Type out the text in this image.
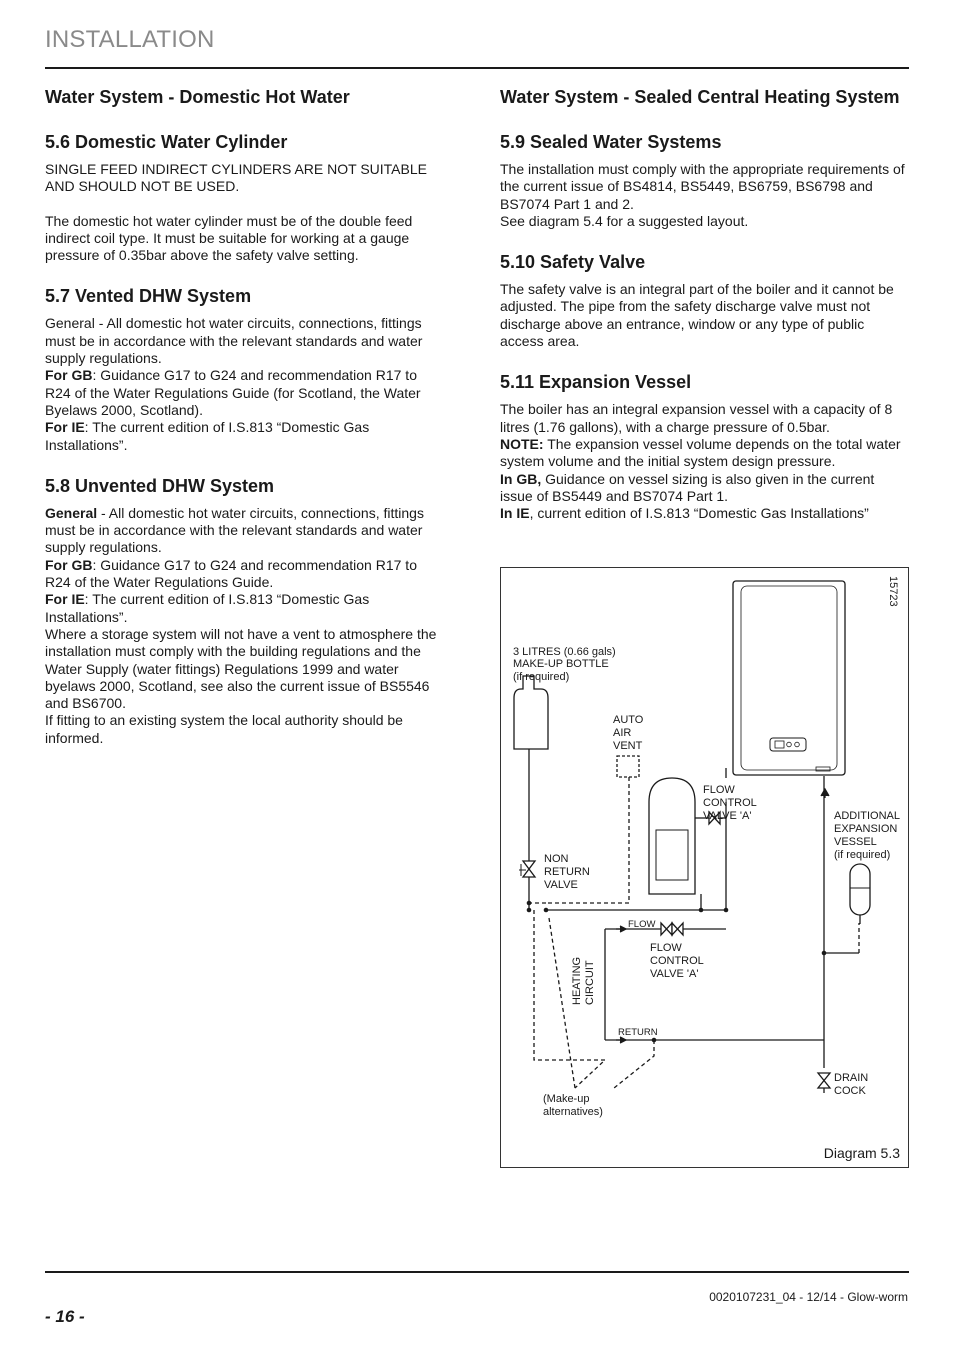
INSTALLATION
Water System - Domestic Hot Water
5.6 Domestic Water Cylinder

SINGLE FEED INDIRECT CYLINDERS ARE NOT SUITABLE AND SHOULD NOT BE USED.

The domestic hot water cylinder must be of the double feed indirect coil type. It must be suitable for working at a gauge pressure of 0.35bar above the safety valve setting.

5.7 Vented DHW System

General - All domestic hot water circuits, connections, fittings must be in accordance with the relevant standards and water supply regulations.

For GB: Guidance G17 to G24 and recommendation R17 to R24 of the Water Regulations Guide (for Scotland, the Water Byelaws 2000, Scotland).

For IE: The current edition of I.S.813 “Domestic Gas Installations”.

5.8 Unvented DHW System

General - All domestic hot water circuits, connections, fittings must be in accordance with the relevant standards and water supply regulations.

For GB: Guidance G17 to G24 and recommendation R17 to R24 of the Water Regulations Guide.

For IE: The current edition of I.S.813 “Domestic Gas Installations”.

Where a storage system will not have a vent to atmosphere the installation must comply with the building regulations and the Water Supply (water fittings) Regulations 1999 and water byelaws 2000, Scotland, see also the current issue of BS5546 and BS6700.

If fitting to an existing system the local authority should be informed.

Water System - Sealed Central Heating System
5.9 Sealed Water Systems

The installation must comply with the appropriate requirements of the current issue of BS4814, BS5449, BS6759, BS6798 and BS7074 Part 1 and 2.

See diagram 5.4 for a suggested layout.

5.10 Safety Valve

The safety valve is an integral part of the boiler and it cannot be adjusted. The pipe from the safety discharge valve must not discharge above an entrance, window or any type of public access area.

5.11 Expansion Vessel

The boiler has an integral expansion vessel with a capacity of 8 litres (1.76 gallons), with a charge pressure of 0.5bar.

NOTE: The expansion vessel volume depends on the total water system volume and the initial system design pressure.

In GB, Guidance on vessel sizing is also given in the current issue of BS5449 and BS7074 Part 1.

In IE, current edition of I.S.813 “Domestic Gas Installations”

15723
3 LITRES (0.66 gals)
MAKE-UP BOTTLE
(if required)
AUTO
AIR
VENT
FLOW
CONTROL
VALVE 'A'	ADDITIONAL
EXPANSION
VESSEL
(if required)
NON
RETURN
VALVE
FLOW
FLOW
CONTROL
VALVE 'A'
HEATING CIRCUIT
RETURN
DRAIN
COCK
(Make-up
alternatives)
Diagram 5.3
0020107231_04 - 12/14 - Glow-worm
- 16 -
